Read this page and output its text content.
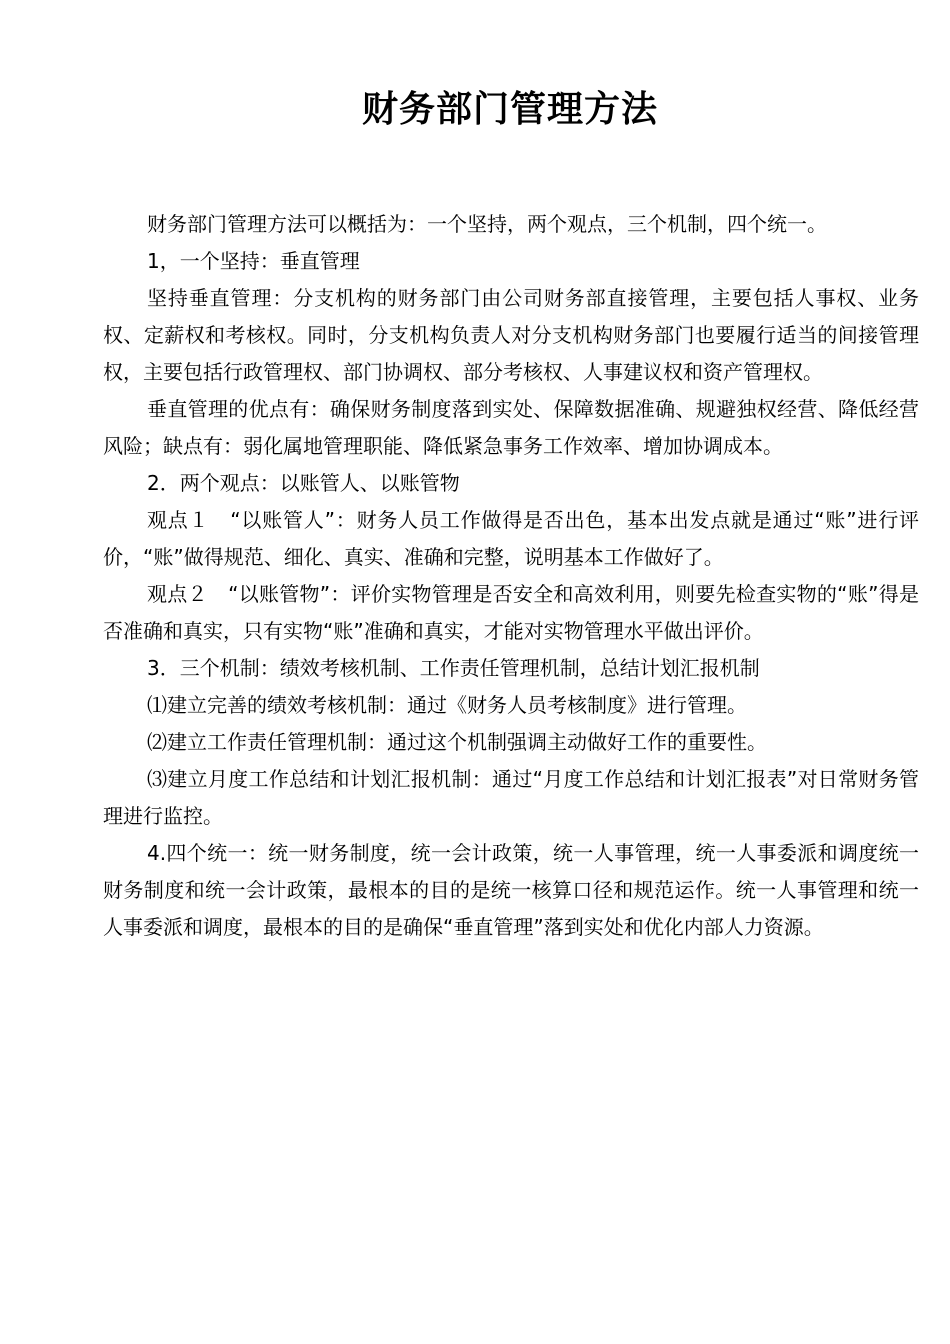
财务部门管理方法

财务部门管理方法可以概括为：一个坚持，两个观点，三个机制，四个统一。

1，一个坚持：垂直管理

坚持垂直管理：分支机构的财务部门由公司财务部直接管理，主要包括人事权、业务权、定薪权和考核权。同时，分支机构负责人对分支机构财务部门也要履行适当的间接管理权，主要包括行政管理权、部门协调权、部分考核权、人事建议权和资产管理权。

垂直管理的优点有：确保财务制度落到实处、保障数据准确、规避独权经营、降低经营风险；缺点有：弱化属地管理职能、降低紧急事务工作效率、增加协调成本。

2．两个观点：以账管人、以账管物

观点１　“以账管人”：财务人员工作做得是否出色，基本出发点就是通过“账”进行评价，“账”做得规范、细化、真实、准确和完整，说明基本工作做好了。

观点２　“以账管物”：评价实物管理是否安全和高效利用，则要先检查实物的“账”得是否准确和真实，只有实物“账”准确和真实，才能对实物管理水平做出评价。

3．三个机制：绩效考核机制、工作责任管理机制，总结计划汇报机制

⑴建立完善的绩效考核机制：通过《财务人员考核制度》进行管理。

⑵建立工作责任管理机制：通过这个机制强调主动做好工作的重要性。

⑶建立月度工作总结和计划汇报机制：通过“月度工作总结和计划汇报表”对日常财务管理进行监控。

4.四个统一：统一财务制度，统一会计政策，统一人事管理，统一人事委派和调度统一财务制度和统一会计政策，最根本的目的是统一核算口径和规范运作。统一人事管理和统一人事委派和调度，最根本的目的是确保“垂直管理”落到实处和优化内部人力资源。
